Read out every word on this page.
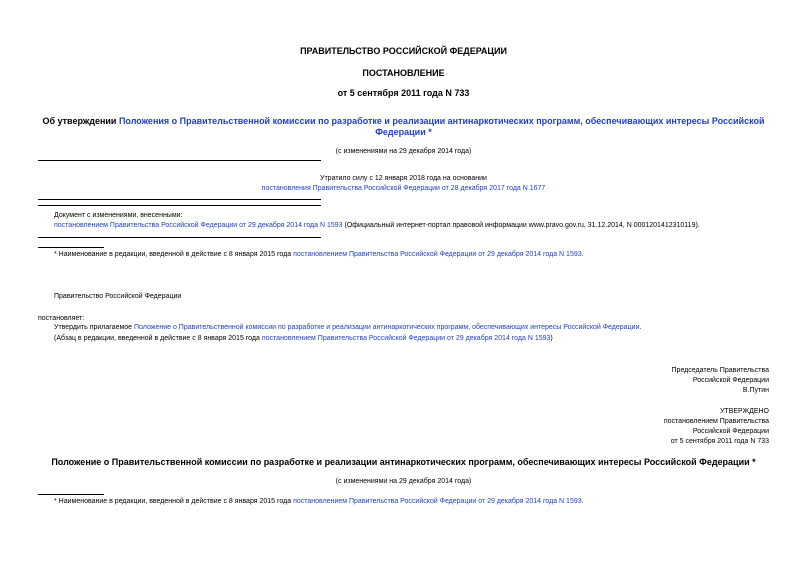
ПРАВИТЕЛЬСТВО РОССИЙСКОЙ ФЕДЕРАЦИИ
ПОСТАНОВЛЕНИЕ
от 5 сентября 2011 года N 733
Об утверждении Положения о Правительственной комиссии по разработке и реализации антинаркотических программ, обеспечивающих интересы Российской
Федерации *
(с изменениями на 29 декабря 2014 года)
Утратило силу с 12 января 2018 года на основании
постановления Правительства Российской Федерации от 28 декабря 2017 года N 1677
Документ с изменениями, внесенными:
постановлением Правительства Российской Федерации от 29 декабря 2014 года N 1593 (Официальный интернет-портал правовой информации www.pravo.gov.ru, 31.12.2014, N 0001201412310119).
* Наименование в редакции, введенной в действие с 8 января 2015 года постановлением Правительства Российской Федерации от 29 декабря 2014 года N 1593.
Правительство Российской Федерации
постановляет:
Утвердить прилагаемое Положение о Правительственной комиссии по разработке и реализации антинаркотических программ, обеспечивающих интересы Российской Федерации.
(Абзац в редакции, введенной в действие с 8 января 2015 года постановлением Правительства Российской Федерации от 29 декабря 2014 года N 1593)
Председатель Правительства
Российской Федерации
В.Путин
УТВЕРЖДЕНО
постановлением Правительства
Российской Федерации
от 5 сентября 2011 года N 733
Положение о Правительственной комиссии по разработке и реализации антинаркотических программ, обеспечивающих интересы Российской Федерации *
(с изменениями на 29 декабря 2014 года)
* Наименование в редакции, введенной в действие с 8 января 2015 года постановлением Правительства Российской Федерации от 29 декабря 2014 года N 1593.
